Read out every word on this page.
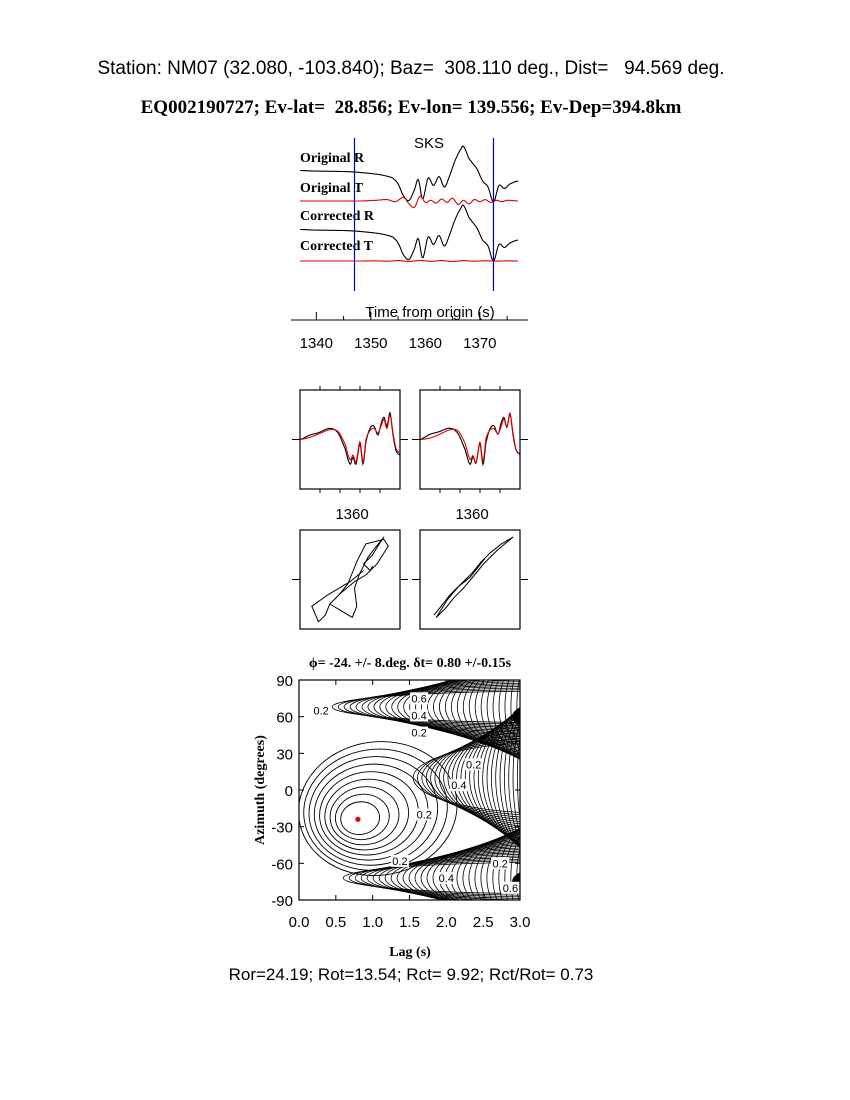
Station: NM07 (32.080, -103.840); Baz=  308.110 deg., Dist=   94.569 deg.
EQ002190727; Ev-lat=  28.856; Ev-lon= 139.556; Ev-Dep=394.8km
SKS
Original R
Original T
Corrected R
Corrected T
Time from origin (s)
1340 1350 1360 1370
1360	1360
ϕ= -24. +/- 8.deg. δt= 0.80 +/-0.15s
0.6
0.4
0.2
0.2
0.2
0.4
0.2
0.2	0.2
0.4
0.6
0.0 0.5 1.0 1.5 2.0 2.5 3.0
90
60
30
0
-30
-60
-90
Lag (s)
Azimuth (degrees)
Ror=24.19; Rot=13.54; Rct= 9.92; Rct/Rot= 0.73
